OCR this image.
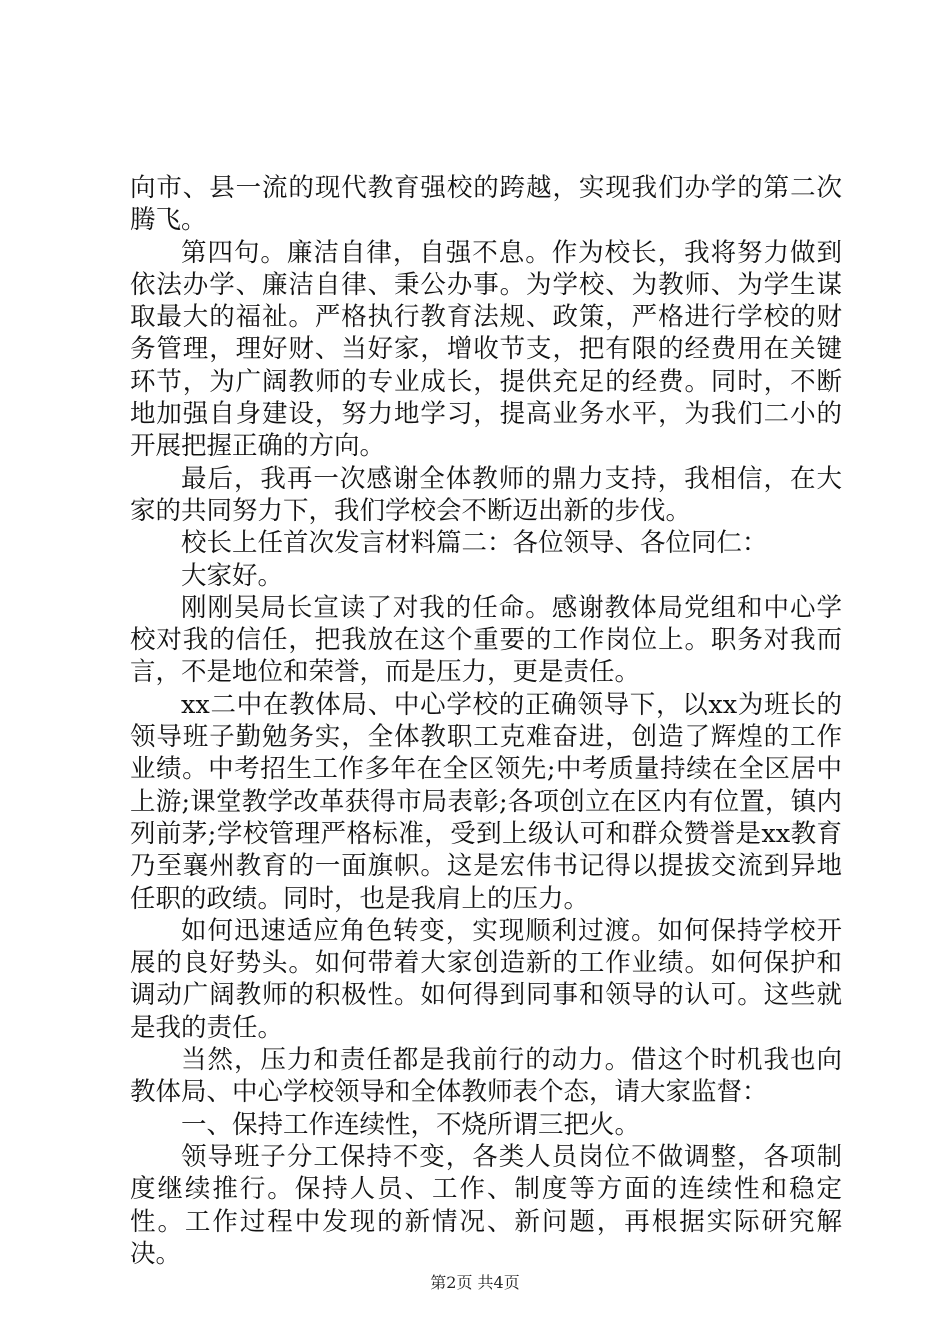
向市、县一流的现代教育强校的跨越，实现我们办学的第二次腾飞。

第四句。廉洁自律，自强不息。作为校长，我将努力做到依法办学、廉洁自律、秉公办事。为学校、为教师、为学生谋取最大的福祉。严格执行教育法规、政策，严格进行学校的财务管理，理好财、当好家，增收节支，把有限的经费用在关键环节，为广阔教师的专业成长，提供充足的经费。同时，不断地加强自身建设，努力地学习，提高业务水平，为我们二小的开展把握正确的方向。

最后，我再一次感谢全体教师的鼎力支持，我相信，在大家的共同努力下，我们学校会不断迈出新的步伐。

校长上任首次发言材料篇二：各位领导、各位同仁：

大家好。

刚刚吴局长宣读了对我的任命。感谢教体局党组和中心学校对我的信任，把我放在这个重要的工作岗位上。职务对我而言，不是地位和荣誉，而是压力，更是责任。

xx二中在教体局、中心学校的正确领导下，以xx为班长的领导班子勤勉务实，全体教职工克难奋进，创造了辉煌的工作业绩。中考招生工作多年在全区领先;中考质量持续在全区居中上游;课堂教学改革获得市局表彰;各项创立在区内有位置，镇内列前茅;学校管理严格标准，受到上级认可和群众赞誉是xx教育乃至襄州教育的一面旗帜。这是宏伟书记得以提拔交流到异地任职的政绩。同时，也是我肩上的压力。

如何迅速适应角色转变，实现顺利过渡。如何保持学校开展的良好势头。如何带着大家创造新的工作业绩。如何保护和调动广阔教师的积极性。如何得到同事和领导的认可。这些就是我的责任。

当然，压力和责任都是我前行的动力。借这个时机我也向教体局、中心学校领导和全体教师表个态，请大家监督：

一、保持工作连续性，不烧所谓三把火。

领导班子分工保持不变，各类人员岗位不做调整，各项制度继续推行。保持人员、工作、制度等方面的连续性和稳定性。工作过程中发现的新情况、新问题，再根据实际研究解决。

第2页 共4页
